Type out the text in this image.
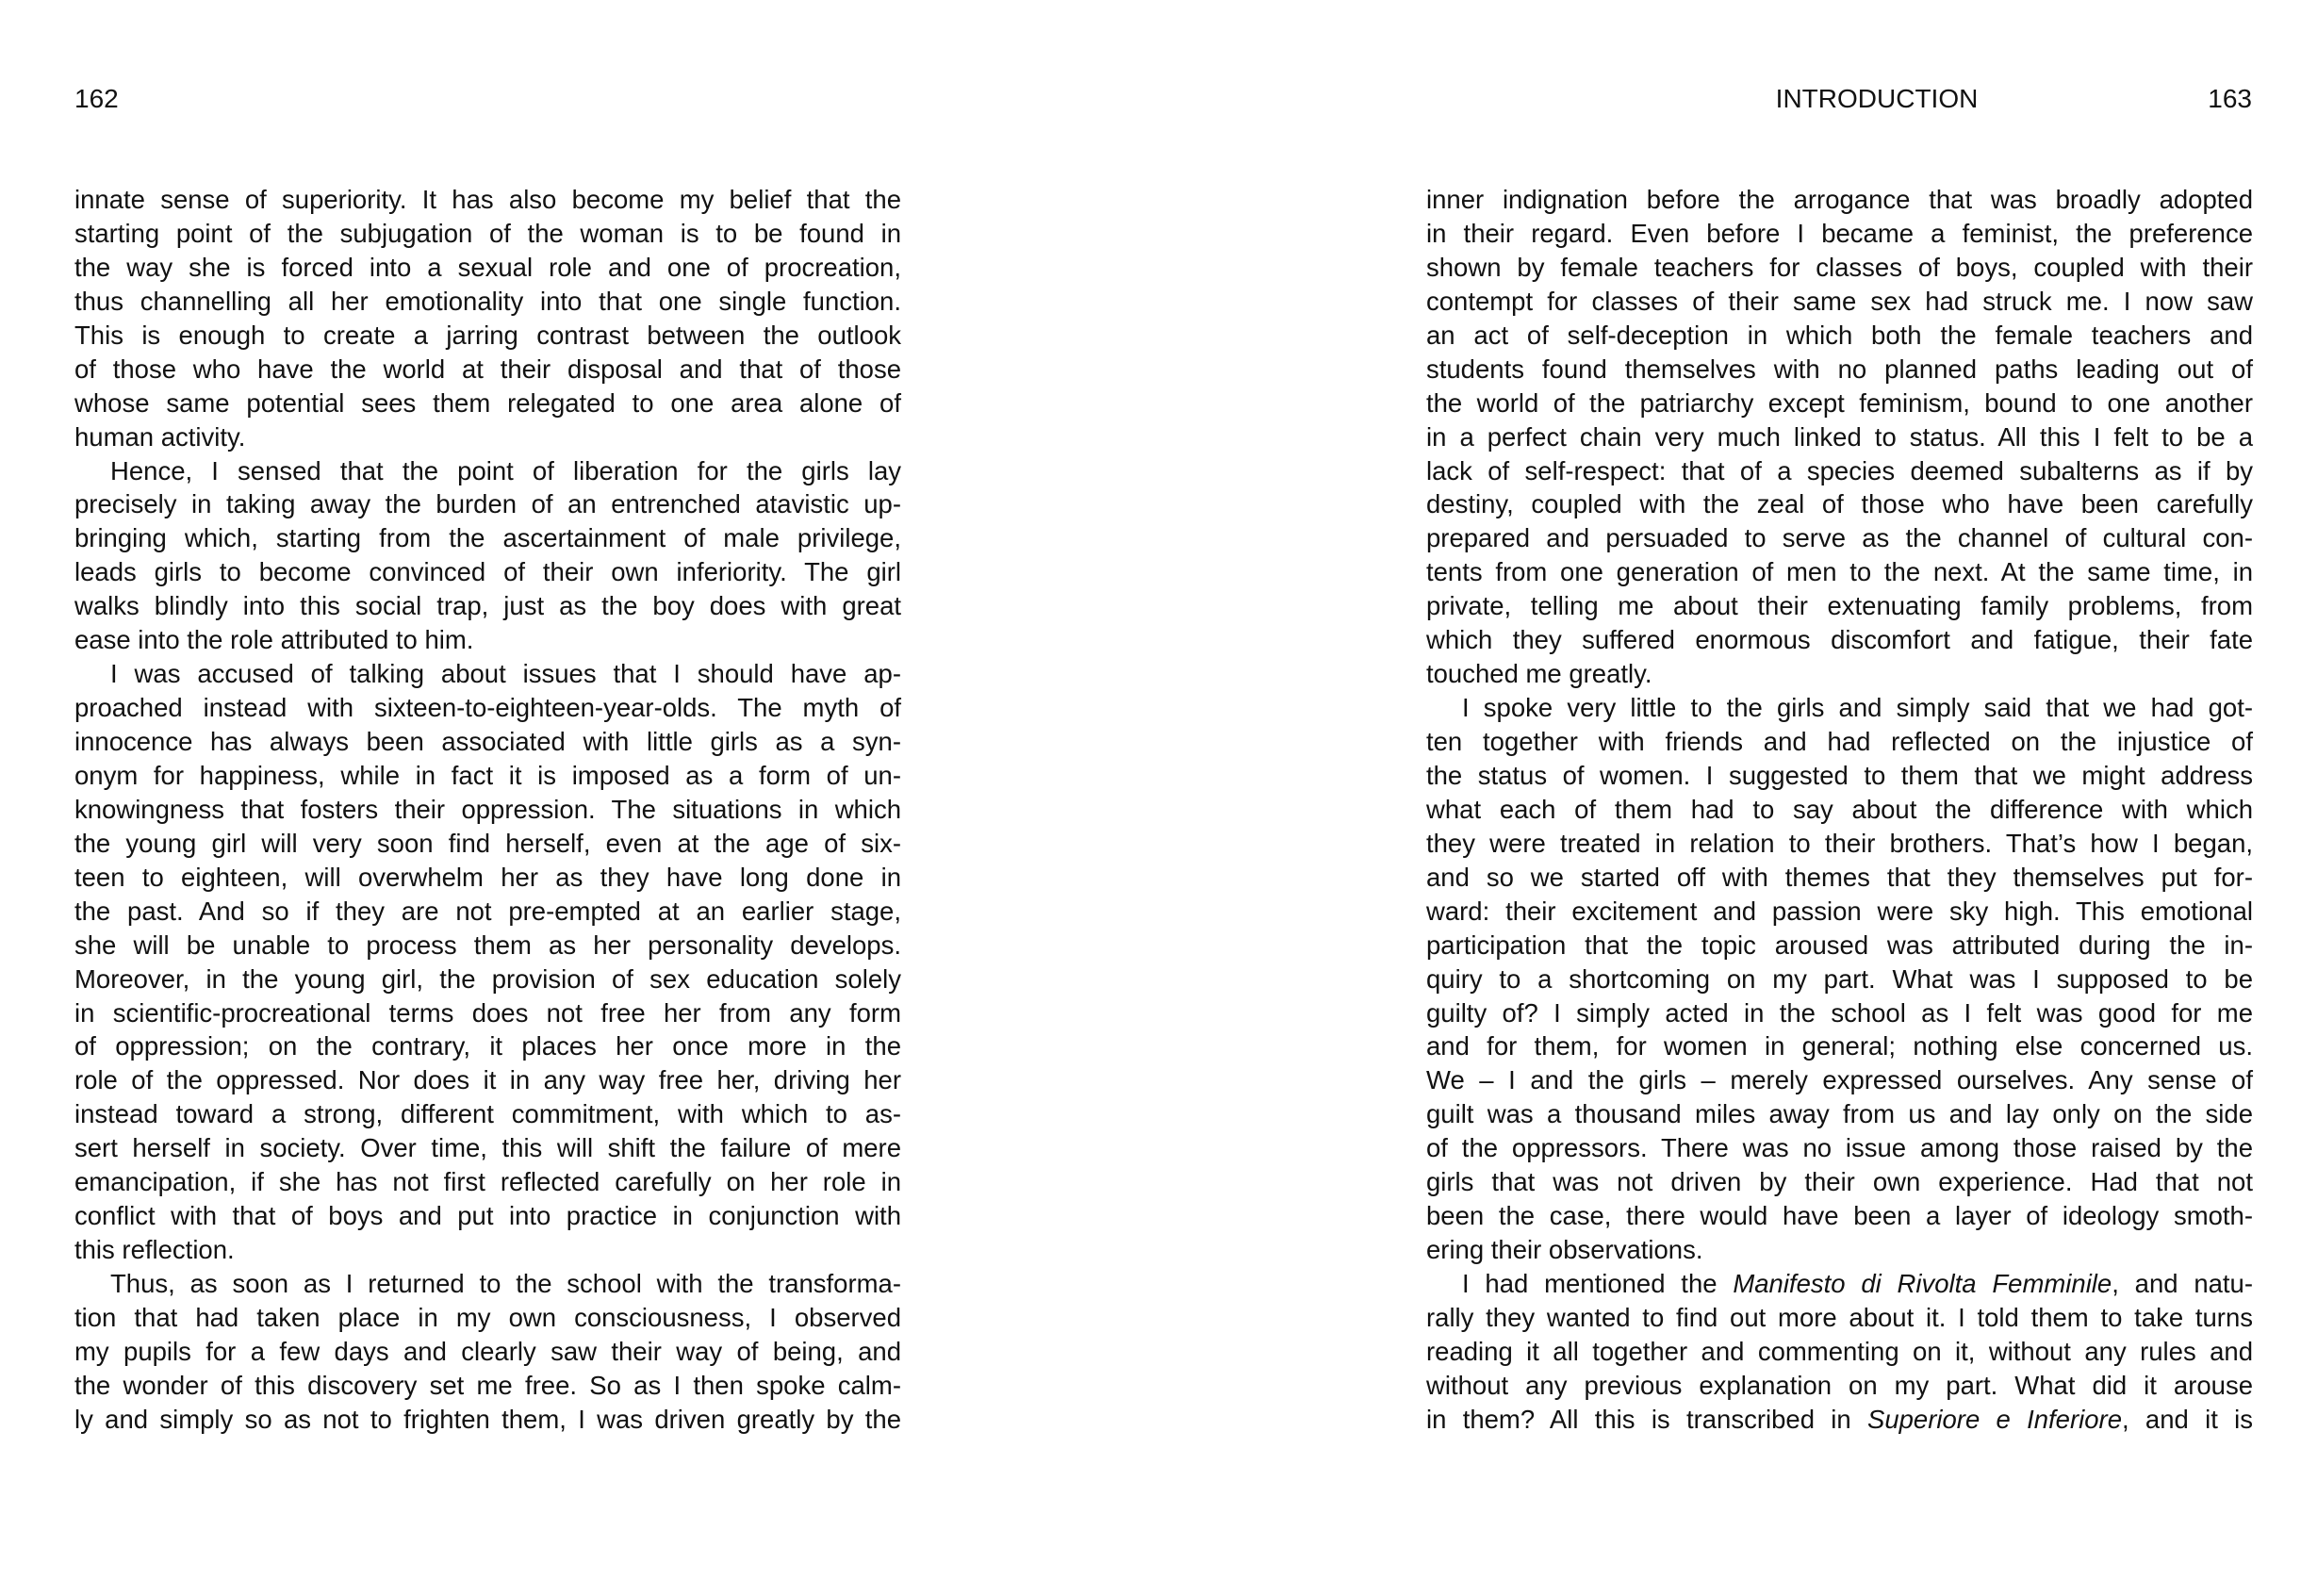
162	INTRODUCTION	163
innate sense of superiority. It has also become my belief that the
starting point of the subjugation of the woman is to be found in
the way she is forced into a sexual role and one of procreation,
thus channelling all her emotionality into that one single function.
This is enough to create a jarring contrast between the outlook
of those who have the world at their disposal and that of those
whose same potential sees them relegated to one area alone of
human activity.
Hence, I sensed that the point of liberation for the girls lay
precisely in taking away the burden of an entrenched atavistic up-
bringing which, starting from the ascertainment of male privilege,
leads girls to become convinced of their own inferiority. The girl
walks blindly into this social trap, just as the boy does with great
ease into the role attributed to him.
I was accused of talking about issues that I should have ap-
proached instead with sixteen-to-eighteen-year-olds. The myth of
innocence has always been associated with little girls as a syn-
onym for happiness, while in fact it is imposed as a form of un-
knowingness that fosters their oppression. The situations in which
the young girl will very soon find herself, even at the age of six-
teen to eighteen, will overwhelm her as they have long done in
the past. And so if they are not pre-empted at an earlier stage,
she will be unable to process them as her personality develops.
Moreover, in the young girl, the provision of sex education solely
in scientific-procreational terms does not free her from any form
of oppression; on the contrary, it places her once more in the
role of the oppressed. Nor does it in any way free her, driving her
instead toward a strong, different commitment, with which to as-
sert herself in society. Over time, this will shift the failure of mere
emancipation, if she has not first reflected carefully on her role in
conflict with that of boys and put into practice in conjunction with
this reflection.
Thus, as soon as I returned to the school with the transforma-
tion that had taken place in my own consciousness, I observed
my pupils for a few days and clearly saw their way of being, and
the wonder of this discovery set me free. So as I then spoke calm-
ly and simply so as not to frighten them, I was driven greatly by the
inner indignation before the arrogance that was broadly adopted
in their regard. Even before I became a feminist, the preference
shown by female teachers for classes of boys, coupled with their
contempt for classes of their same sex had struck me. I now saw
an act of self-deception in which both the female teachers and
students found themselves with no planned paths leading out of
the world of the patriarchy except feminism, bound to one another
in a perfect chain very much linked to status. All this I felt to be a
lack of self-respect: that of a species deemed subalterns as if by
destiny, coupled with the zeal of those who have been carefully
prepared and persuaded to serve as the channel of cultural con-
tents from one generation of men to the next. At the same time, in
private, telling me about their extenuating family problems, from
which they suffered enormous discomfort and fatigue, their fate
touched me greatly.
I spoke very little to the girls and simply said that we had got-
ten together with friends and had reflected on the injustice of
the status of women. I suggested to them that we might address
what each of them had to say about the difference with which
they were treated in relation to their brothers. That’s how I began,
and so we started off with themes that they themselves put for-
ward: their excitement and passion were sky high. This emotional
participation that the topic aroused was attributed during the in-
quiry to a shortcoming on my part. What was I supposed to be
guilty of? I simply acted in the school as I felt was good for me
and for them, for women in general; nothing else concerned us.
We – I and the girls – merely expressed ourselves. Any sense of
guilt was a thousand miles away from us and lay only on the side
of the oppressors. There was no issue among those raised by the
girls that was not driven by their own experience. Had that not
been the case, there would have been a layer of ideology smoth-
ering their observations.
I had mentioned the Manifesto di Rivolta Femminile, and natu-
rally they wanted to find out more about it. I told them to take turns
reading it all together and commenting on it, without any rules and
without any previous explanation on my part. What did it arouse
in them? All this is transcribed in Superiore e Inferiore, and it is
